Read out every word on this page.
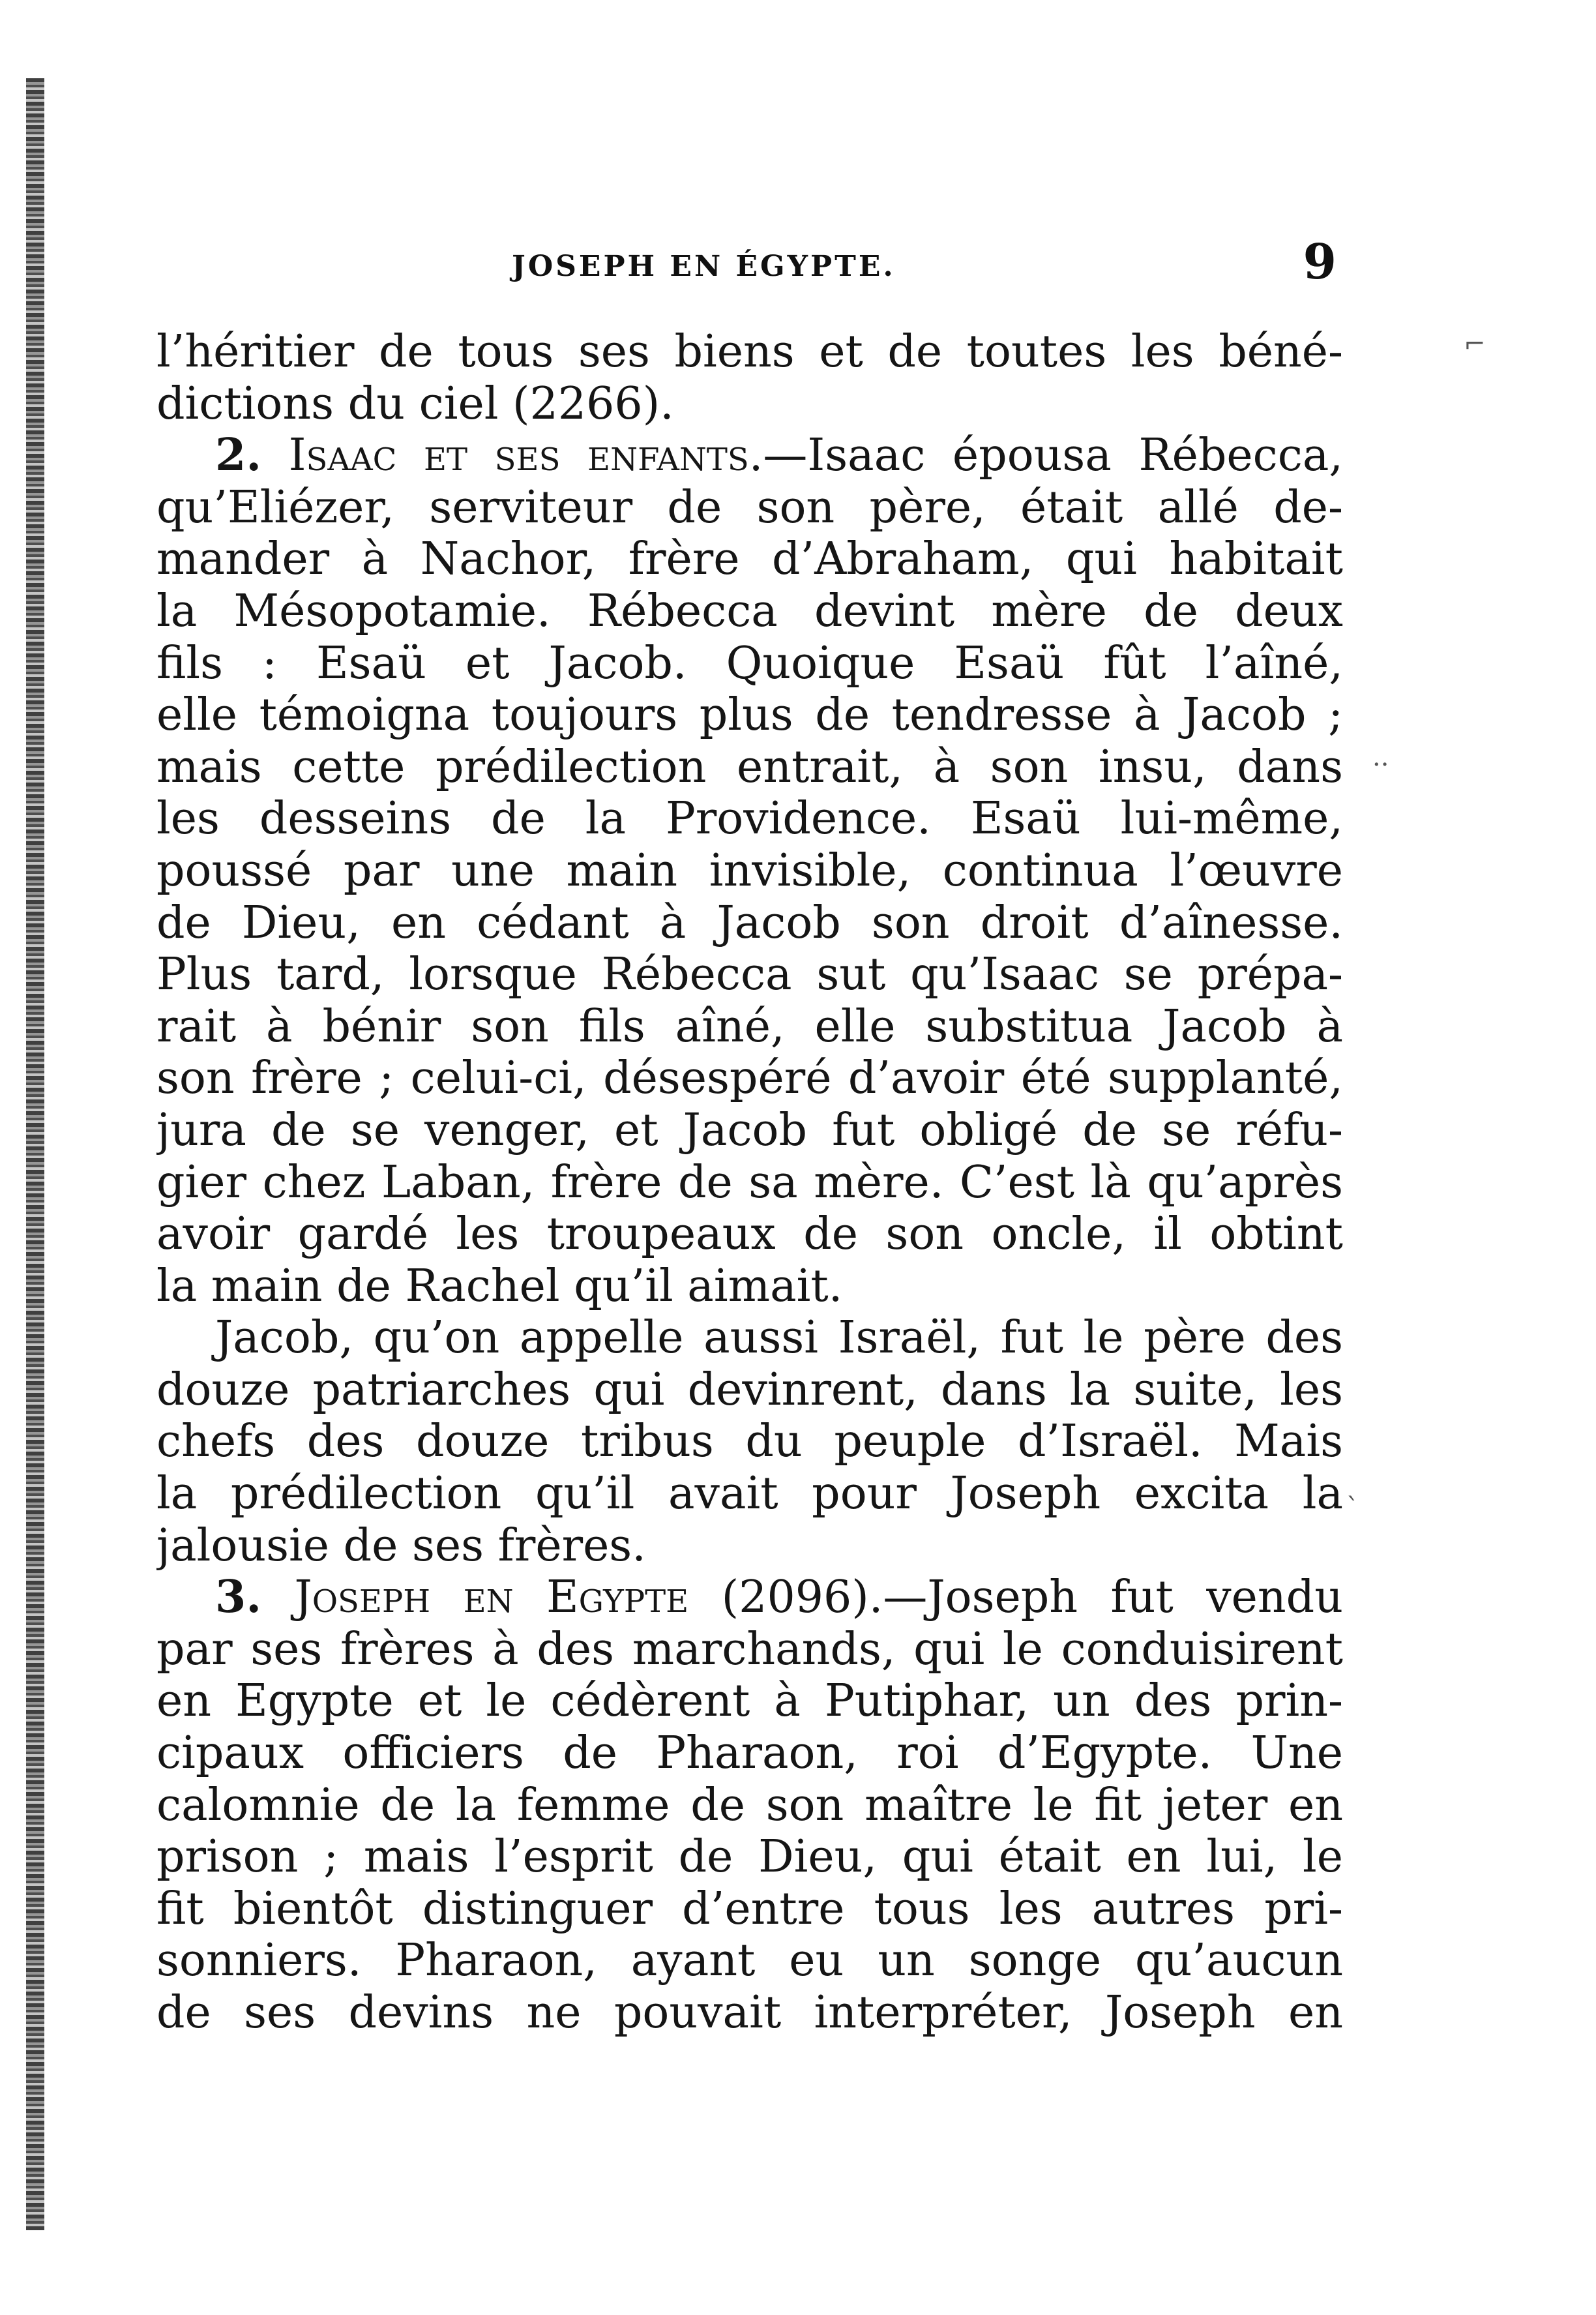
JOSEPH EN ÉGYPTE.	9
l’héritier de tous ses biens et de toutes les béné-
dictions du ciel (2266).
2. Isaac et ses enfants.—Isaac épousa Rébecca,
qu’Eliézer, serviteur de son père, était allé de-
mander à Nachor, frère d’Abraham, qui habitait
la Mésopotamie. Rébecca devint mère de deux
fils : Esaü et Jacob. Quoique Esaü fût l’aîné,
elle témoigna toujours plus de tendresse à Jacob ;
mais cette prédilection entrait, à son insu, dans
les desseins de la Providence. Esaü lui-même,
poussé par une main invisible, continua l’œuvre
de Dieu, en cédant à Jacob son droit d’aînesse.
Plus tard, lorsque Rébecca sut qu’Isaac se prépa-
rait à bénir son fils aîné, elle substitua Jacob à
son frère ; celui-ci, désespéré d’avoir été supplanté,
jura de se venger, et Jacob fut obligé de se réfu-
gier chez Laban, frère de sa mère. C’est là qu’après
avoir gardé les troupeaux de son oncle, il obtint
la main de Rachel qu’il aimait.
Jacob, qu’on appelle aussi Israël, fut le père des
douze patriarches qui devinrent, dans la suite, les
chefs des douze tribus du peuple d’Israël. Mais
la prédilection qu’il avait pour Joseph excita la
jalousie de ses frères.
3. Joseph en Egypte (2096).—Joseph fut vendu
par ses frères à des marchands, qui le conduisirent
en Egypte et le cédèrent à Putiphar, un des prin-
cipaux officiers de Pharaon, roi d’Egypte. Une
calomnie de la femme de son maître le fit jeter en
prison ; mais l’esprit de Dieu, qui était en lui, le
fit bientôt distinguer d’entre tous les autres pri-
sonniers. Pharaon, ayant eu un songe qu’aucun
de ses devins ne pouvait interpréter, Joseph en
⌐
··
`
